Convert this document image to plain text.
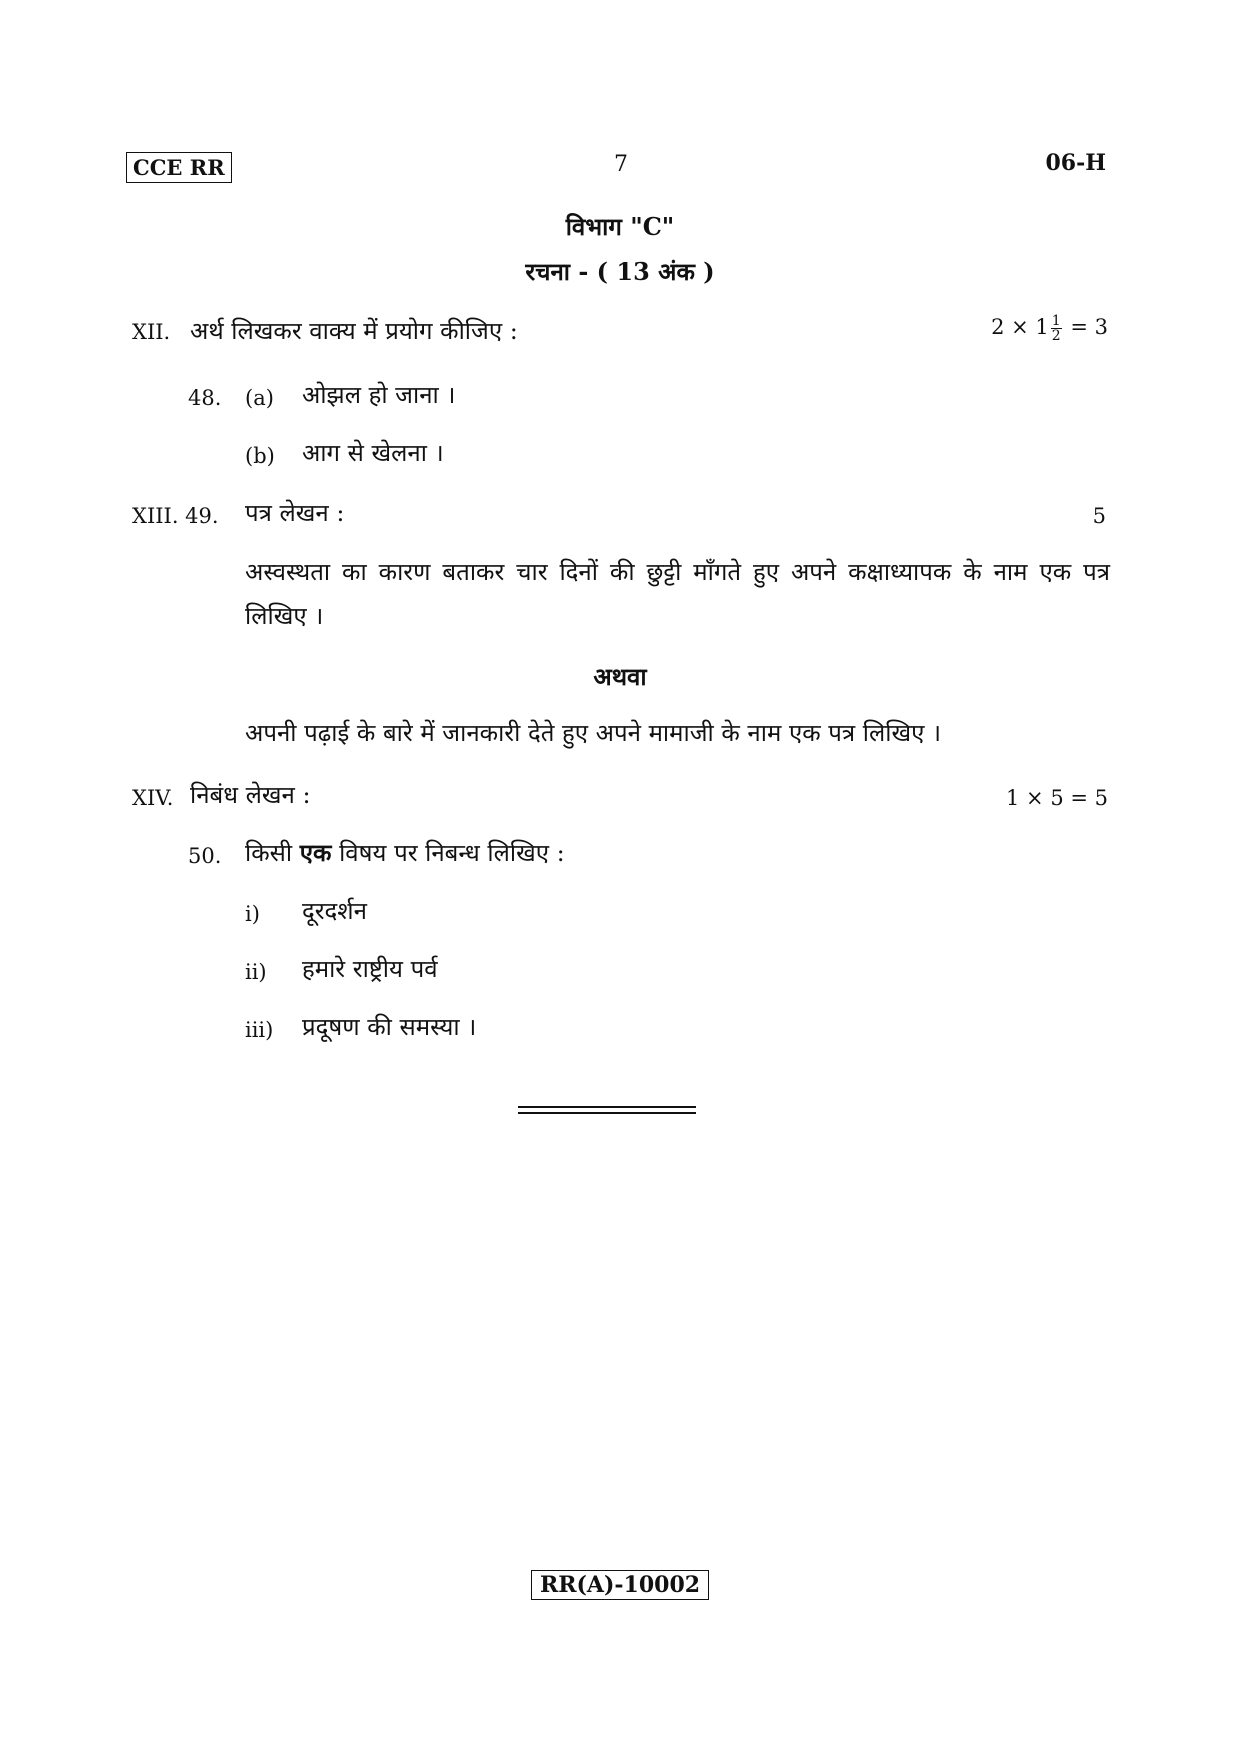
CCE RR	7	06-H
विभाग "C"
रचना - ( 13 अंक )
XII. अर्थ लिखकर वाक्य में प्रयोग कीजिए :	$2 \times 1 \frac{1}{2} = 3$
48. (a) ओझल हो जाना ।
(b) आग से खेलना ।
XIII. 49. पत्र लेखन :	5
अस्वस्थता का कारण बताकर चार दिनों की छुट्टी माँगते हुए अपने कक्षाध्यापक के नाम एक पत्र लिखिए ।
अथवा
अपनी पढ़ाई के बारे में जानकारी देते हुए अपने मामाजी के नाम एक पत्र लिखिए ।
XIV. निबंध लेखन :	1 × 5 = 5
50. किसी एक विषय पर निबन्ध लिखिए :
i) दूरदर्शन
ii) हमारे राष्ट्रीय पर्व
iii) प्रदूषण की समस्या ।
RR(A)-10002
